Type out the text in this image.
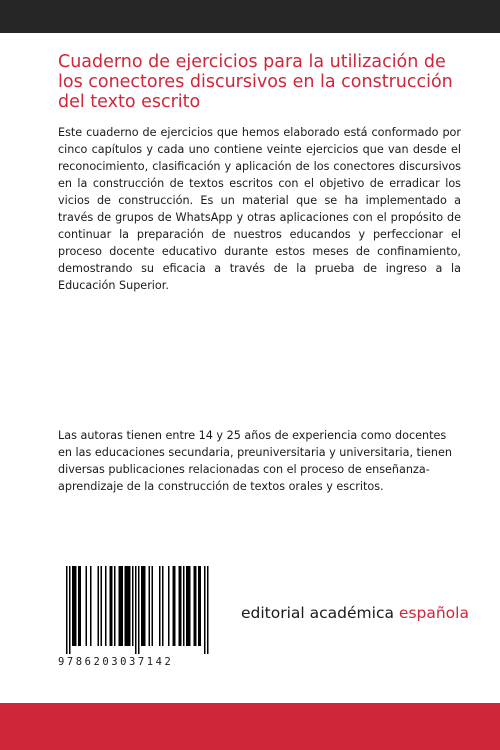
Cuaderno de ejercicios para la utilización de los conectores discursivos en la construcción del texto escrito

Este cuaderno de ejercicios que hemos elaborado está conformado por cinco capítulos y cada uno contiene veinte ejercicios que van desde el reconocimiento, clasificación y aplicación de los conectores discursivos en la construcción de textos escritos con el objetivo de erradicar los vicios de construcción. Es un material que se ha implementado a través de grupos de WhatsApp y otras aplicaciones con el propósito de continuar la preparación de nuestros educandos y perfeccionar el proceso docente educativo durante estos meses de confinamiento, demostrando su eficacia a través de la prueba de ingreso a la Educación Superior.

Las autoras tienen entre 14 y 25 años de experiencia como docentes en las educaciones secundaria, preuniversitaria y universitaria, tienen diversas publicaciones relacionadas con el proceso de enseñanza-aprendizaje de la construcción de textos orales y escritos.

9786203037142

editorial académica española
